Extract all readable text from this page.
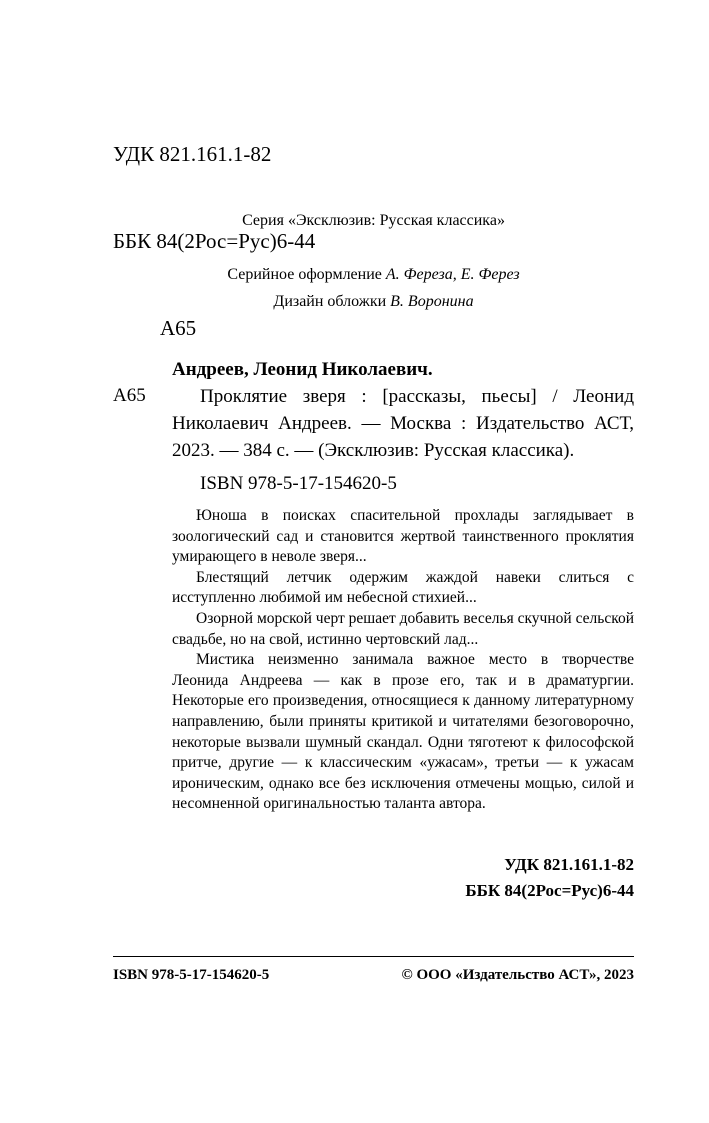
УДК 821.161.1-82

ББК 84(2Рос=Рус)6-44

А65

Серия «Эксклюзив: Русская классика»
Серийное оформление А. Фереза, Е. Ферез
Дизайн обложки В. Воронина
А65

Андреев, Леонид Николаевич.

Проклятие зверя : [рассказы, пьесы] / Леонид Николаевич Андреев. — Москва : Издательство АСТ, 2023. — 384 с. — (Эксклюзив: Русская классика).

ISBN 978-5-17-154620-5

Юноша в поисках спасительной прохлады заглядывает в зоологический сад и становится жертвой таинственного проклятия умирающего в неволе зверя...

Блестящий летчик одержим жаждой навеки слиться с исступленно любимой им небесной стихией...

Озорной морской черт решает добавить веселья скучной сельской свадьбе, но на свой, истинно чертовский лад...

Мистика неизменно занимала важное место в творчестве Леонида Андреева — как в прозе его, так и в драматургии. Некоторые его произведения, относящиеся к данному литературному направлению, были приняты критикой и читателями безоговорочно, некоторые вызвали шумный скандал. Одни тяготеют к философской притче, другие — к классическим «ужасам», третьи — к ужасам ироническим, однако все без исключения отмечены мощью, силой и несомненной оригинальностью таланта автора.

УДК 821.161.1-82
ББК 84(2Рос=Рус)6-44
ISBN 978-5-17-154620-5	© ООО «Издательство АСТ», 2023
